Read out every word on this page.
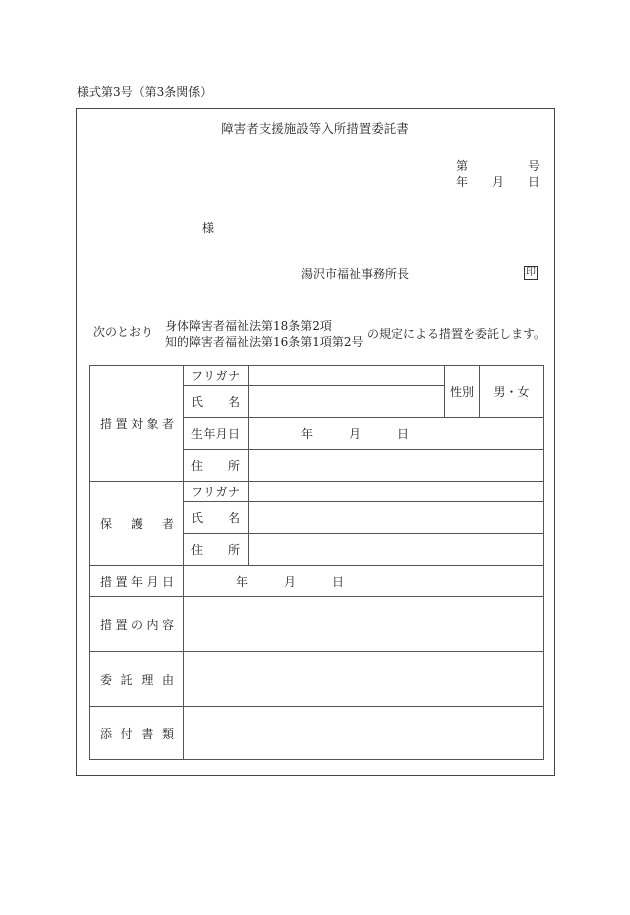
様式第3号（第3条関係）
障害者支援施設等入所措置委託書
第	号
年 月 日
様
湯沢市福祉事務所長	印
次のとおり 身体障害者福祉法第18条第2項
知的障害者福祉法第16条第1項第2号
の規定による措置を委託します。
措置対象者	フリガナ		性別	男・女
	氏名			
	生年月日	年　　　月　　　日		
	住所			
保護者	フリガナ			
	氏名			
	住所			
措置年月日	年　　　月　　　日			
措置の内容				
委託理由				
添付書類				
